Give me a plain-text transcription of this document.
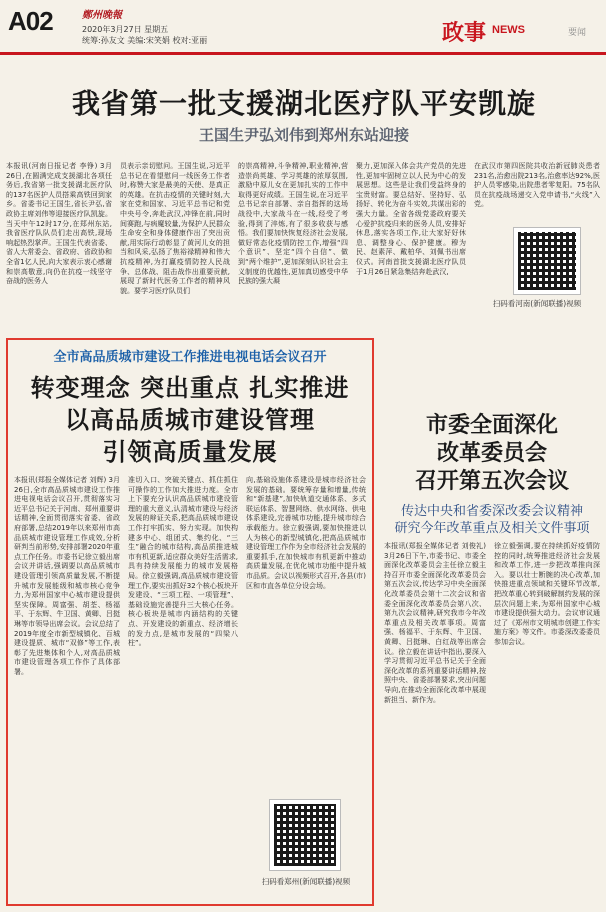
A02	鄭州晚報
2020年3月27日 星期五
统筹:孙友文 美编:宋笑娟 校对:亚丽	政事 NEWS	要闻
我省第一批支援湖北医疗队平安凯旋
王国生尹弘刘伟到郑州东站迎接
本报讯(河南日报记者 李铮) 3月26日,在圆满完成支援湖北各项任务后,我省第一批支援湖北医疗队的137名医护人员搭乘高铁回到家乡。省委书记王国生,省长尹弘,省政协主席刘伟等迎接医疗队凯旋。当天中午12时17分,在郑州东站,我省医疗队队员们走出高铁,现场响起热烈掌声。王国生代表省委、省人大常委会、省政府、省政协和全省1亿人民,向大家表示衷心感谢和崇高敬意,向仍在抗疫一线坚守奋战的医务人
员表示亲切慰问。王国生说,习近平总书记在看望慰问一线医务工作者时,称赞大家是最美的天使、是真正的英雄。在抗击疫情的关键时刻,大家在党和国家、习近平总书记和党中央号令,奔赴武汉,冲锋在前,同时间赛跑,与病魔较量,为保护人民群众生命安全和身体健康作出了突出贡献,用实际行动彰显了黄河儿女的担当和风采,弘扬了焦裕禄精神和伟大抗疫精神,为打赢疫情防控人民战争、总体战、阻击战作出重要贡献,展现了新时代医务工作者的精神风貌。要学习医疗队员们
的崇高精神,斗争精神,职业精神,营造崇尚英雄、学习英雄的浓厚氛围,激励中原儿女在更加扎实的工作中取得更好成绩。王国生说,在习近平总书记亲自部署、亲自指挥的这场战役中,大家战斗在一线,经受了考验,得到了淬炼,有了很多收获与感悟。我们要加快恢复经济社会发展,做好常态化疫情防控工作,增强“四个意识”、坚定“四个自信”、做到“两个维护”,更加深刻认识社会主义制度的优越性,更加真切感受中华民族的强大凝
聚力,更加深入体会共产党员的先进性,更加牢固树立以人民为中心的发展思想。这些是让我们受益终身的宝贵财富。要总结好、坚持好、弘扬好、转化为奋斗实效,共谋出彩的强大力量。全省各级党委政府要关心爱护抗疫归来的医务人员,安排好休息,落实各项工作,让大家好好休息、调整身心、保护健康。穆为民、赵素萍、戴柏华、刘佩书出席仪式。河南首批支援湖北医疗队员于1月26日紧急集结奔赴武汉,
在武汉市第四医院共收治新冠肺炎患者231名,治愈出院213名,治愈率达92%,医护人员零感染,出院患者零复阳。75名队员在抗疫战场递交入党申请书,“火线”入党。
扫码看河南(新闻联播)视频
全市高品质城市建设工作推进电视电话会议召开
转变理念 突出重点 扎实推进
以高品质城市建设管理
引领高质量发展
本报讯(郑报全媒体记者 刘辉) 3月26日,全市高品质城市建设工作推进电视电话会议召开,贯彻落实习近平总书记关于河南、郑州重要讲话精神,全面贯彻落实省委、省政府部署,总结2019年以来郑州市高品质城市建设管理工作成效,分析研判当前形势,安排部署2020年重点工作任务。市委书记徐立毅出席会议并讲话,强调要以高品质城市建设管理引领高质量发展,不断提升城市发展能级和城市核心竞争力,为郑州国家中心城市建设提供坚实保障。周富强、胡荃、杨福平、于东辉、牛卫国、黄卿、吕挺琳等市领导出席会议。会议总结了2019年度全市新型城镇化、百城建设提质、城市“双修”等工作,表彰了先进集体和个人,对高品质城市建设管理各项工作作了具体部署。
准切入口、突破关键点、抓住抓住可操作的工作加大推进力度。全市上下要充分认识高品质城市建设管理的重大意义,认清城市建设与经济发展的辩证关系,把高品质城市建设工作打牢抓实、努力实现。加快构建多中心、组团式、集约化、“三生”融合的城市结构,高品质推进城市有机更新,适应群众美好生活需求,具有持续发展能力的城市发展格局。徐立毅强调,高品质城市建设管理工作,要实出抓好32个核心板块开发建设、“三项工程、一项管理”、基础设施完善提升三大核心任务。核心板块是城市内涵结构的关键点、开发建设的新重点、经济增长的发力点,是城市发展的“四梁八柱”。
向,基础设施体系建设是城市经济社会发展的基础。要统筹存量和增量,传统和“新基建”,加快轨道交通体系、多式联运体系、智慧网络、供水网络、供电体系建设,完善城市功能,提升城市综合承载能力。徐立毅强调,要加快推进以人为核心的新型城镇化,把高品质城市建设管理工作作为全市经济社会发展的重要抓手,在加快城市有机更新中推动高质量发展,在优化城市功能中提升城市品质。会议以视频形式召开,各县(市)区和市直各单位分设会场。
扫码看郑州(新闻联播)视频
市委全面深化
改革委员会
召开第五次会议
传达中央和省委深改委会议精神
研究今年改革重点及相关文件事项
本报讯(郑报全媒体记者 刘俊礼) 3月26日下午,市委书记、市委全面深化改革委员会主任徐立毅主持召开市委全面深化改革委员会第五次会议,传达学习中央全面深化改革委员会第十二次会议和省委全面深化改革委员会第八次、第九次会议精神,研究我市今年改革重点及相关改革事项。周富强、杨福平、于东辉、牛卫国、黄卿、吕挺琳、白红战等出席会议。徐立毅在讲话中指出,要深入学习贯彻习近平总书记关于全面深化改革的系列重要讲话精神,按照中央、省委部署要求,突出问题导向,在推动全面深化改革中展现新担当、新作为。
徐立毅强调,要在持续抓好疫情防控的同时,统筹推进经济社会发展和改革工作,进一步把改革推向深入。要以壮士断腕的决心改革,加快推进重点领域和关键环节改革,把改革重心转到破解制约发展的深层次问题上来,为郑州国家中心城市建设提供强大动力。会议审议通过了《郑州市文明城市创建工作实施方案》等文件。市委深改委委员参加会议。
